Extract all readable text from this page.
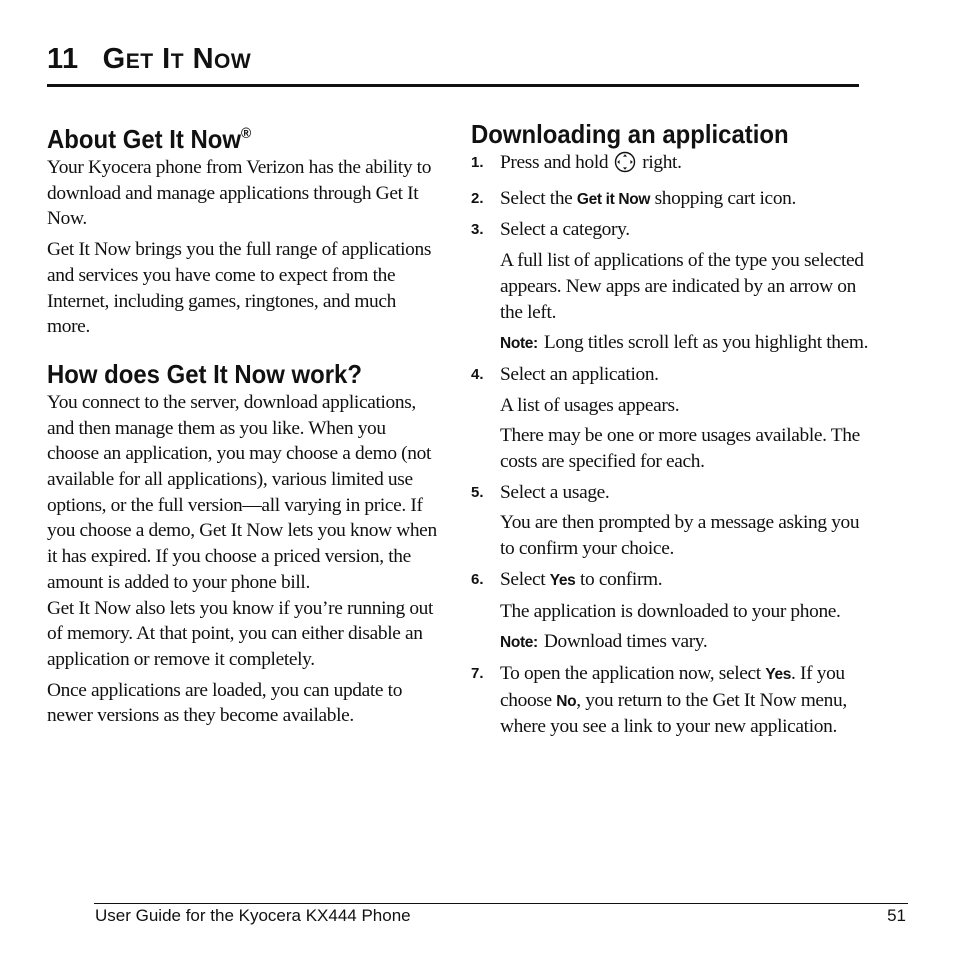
11 GET IT NOW
About Get It Now®

Your Kyocera phone from Verizon has the ability to download and manage applications through Get It Now.

Get It Now brings you the full range of applications and services you have come to expect from the Internet, including games, ringtones, and much more.

How does Get It Now work?

You connect to the server, download applications, and then manage them as you like. When you choose an application, you may choose a demo (not available for all applications), various limited use options, or the full version—all varying in price. If you choose a demo, Get It Now lets you know when it has expired. If you choose a priced version, the amount is added to your phone bill.

Get It Now also lets you know if you’re running out of memory. At that point, you can either disable an application or remove it completely.

Once applications are loaded, you can update to newer versions as they become available.

Downloading an application
1. Press and hold right.

2. Select the Get it Now shopping cart icon.

3. Select a category.

A full list of applications of the type you selected appears. New apps are indicated by an arrow on the left.

Note: Long titles scroll left as you highlight them.

4. Select an application.

A list of usages appears.

There may be one or more usages available. The costs are specified for each.

5. Select a usage.

You are then prompted by a message asking you to confirm your choice.

6. Select Yes to confirm.

The application is downloaded to your phone.

Note: Download times vary.

7. To open the application now, select Yes. If you choose No, you return to the Get It Now menu, where you see a link to your new application.

User Guide for the Kyocera KX444 Phone	51
